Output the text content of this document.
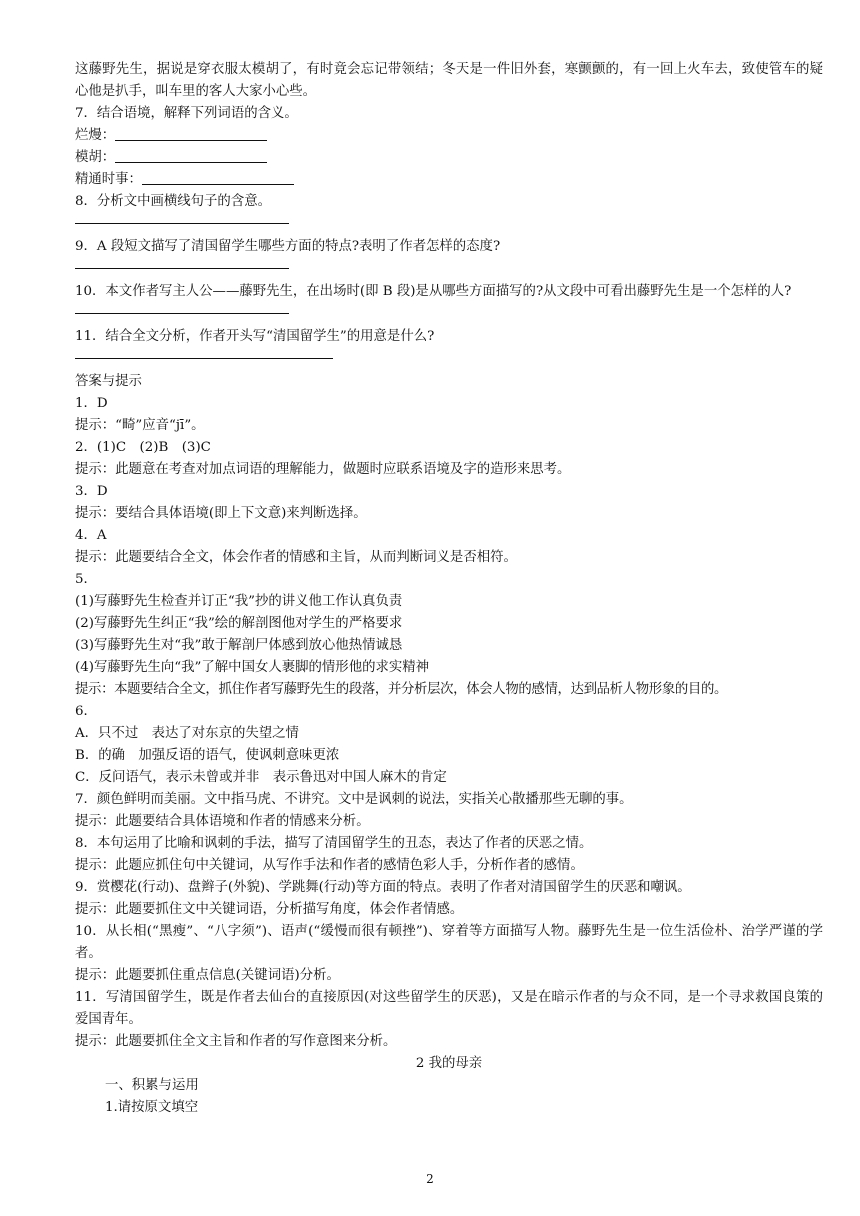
这藤野先生，据说是穿衣服太模胡了，有时竟会忘记带领结；冬天是一件旧外套，寒颤颤的，有一回上火车去，致使管车的疑心他是扒手，叫车里的客人大家小心些。
7．结合语境，解释下列词语的含义。
烂熳：
模胡：
精通时事：
8．分析文中画横线句子的含意。
9．A 段短文描写了清国留学生哪些方面的特点?表明了作者怎样的态度?
10．本文作者写主人公——藤野先生，在出场时(即 B 段)是从哪些方面描写的?从文段中可看出藤野先生是一个怎样的人?
11．结合全文分析，作者开头写“清国留学生”的用意是什么?
答案与提示
1．D
提示：“畸”应音“jī”。
2．(1)C　(2)B　(3)C
提示：此题意在考查对加点词语的理解能力，做题时应联系语境及字的造形来思考。
3．D
提示：要结合具体语境(即上下文意)来判断选择。
4．A
提示：此题要结合全文，体会作者的情感和主旨，从而判断词义是否相符。
5．
(1)写藤野先生检查并订正“我”抄的讲义他工作认真负责
(2)写藤野先生纠正“我”绘的解剖图他对学生的严格要求
(3)写藤野先生对“我”敢于解剖尸体感到放心他热情诚恳
(4)写藤野先生向“我”了解中国女人裹脚的情形他的求实精神
提示：本题要结合全文，抓住作者写藤野先生的段落，并分析层次，体会人物的感情，达到品析人物形象的目的。
6．
A．只不过　表达了对东京的失望之情
B．的确　加强反语的语气，使讽刺意味更浓
C．反问语气，表示未曾或并非　表示鲁迅对中国人麻木的肯定
7．颜色鲜明而美丽。文中指马虎、不讲究。文中是讽刺的说法，实指关心散播那些无聊的事。
提示：此题要结合具体语境和作者的情感来分析。
8．本句运用了比喻和讽刺的手法，描写了清国留学生的丑态，表达了作者的厌恶之情。
提示：此题应抓住句中关键词，从写作手法和作者的感情色彩人手，分析作者的感情。
9．赏樱花(行动)、盘辫子(外貌)、学跳舞(行动)等方面的特点。表明了作者对清国留学生的厌恶和嘲讽。
提示：此题要抓住文中关键词语，分析描写角度，体会作者情感。
10．从长相(“黑瘦”、“八字须”)、语声(“缓慢而很有顿挫”)、穿着等方面描写人物。藤野先生是一位生活俭朴、治学严谨的学者。
提示：此题要抓住重点信息(关键词语)分析。
11．写清国留学生，既是作者去仙台的直接原因(对这些留学生的厌恶)，又是在暗示作者的与众不同，是一个寻求救国良策的爱国青年。
提示：此题要抓住全文主旨和作者的写作意图来分析。
2 我的母亲
一、积累与运用
1.请按原文填空
2
